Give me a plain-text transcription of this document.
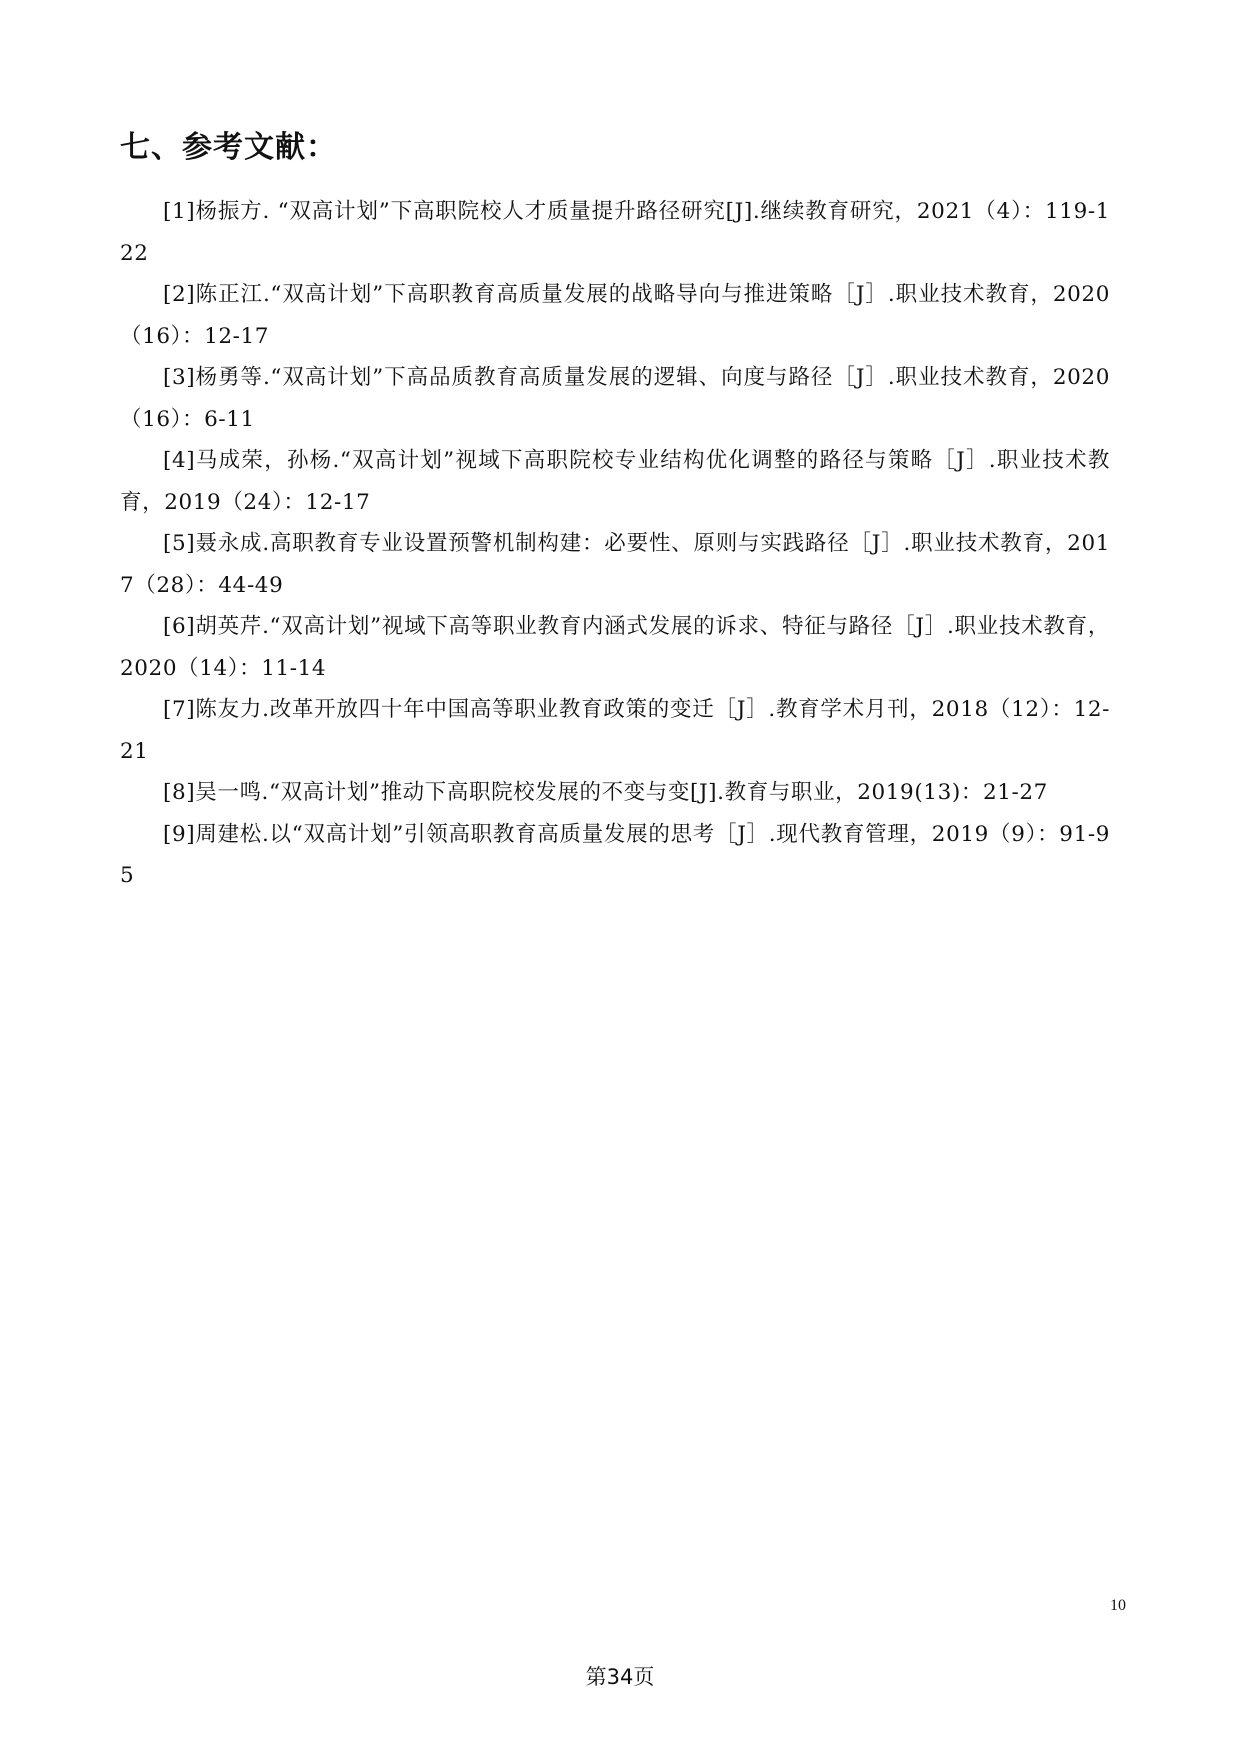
七、参考文献：
[1]杨振方. “双高计划”下高职院校人才质量提升路径研究[J].继续教育研究，2021（4）：119-122
[2]陈正江.“双高计划”下高职教育高质量发展的战略导向与推进策略［J］.职业技术教育，2020（16）：12-17
[3]杨勇等.“双高计划”下高品质教育高质量发展的逻辑、向度与路径［J］.职业技术教育，2020（16）：6-11
[4]马成荣，孙杨.“双高计划”视域下高职院校专业结构优化调整的路径与策略［J］.职业技术教育，2019（24）：12-17
[5]聂永成.高职教育专业设置预警机制构建：必要性、原则与实践路径［J］.职业技术教育，2017（28）：44-49
[6]胡英芹.“双高计划”视域下高等职业教育内涵式发展的诉求、特征与路径［J］.职业技术教育，2020（14）：11-14
[7]陈友力.改革开放四十年中国高等职业教育政策的变迁［J］.教育学术月刊，2018（12）：12-21
[8]吴一鸣.“双高计划”推动下高职院校发展的不变与变[J].教育与职业，2019(13)：21-27
[9]周建松.以“双高计划”引领高职教育高质量发展的思考［J］.现代教育管理，2019（9）：91-95
10
第34页
